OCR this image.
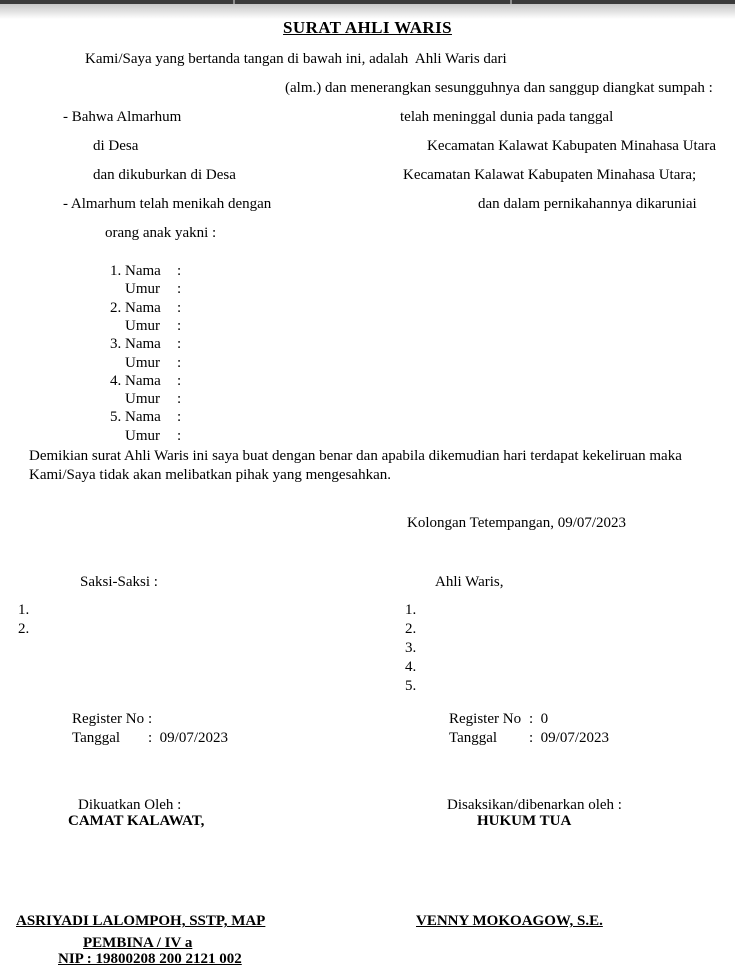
SURAT AHLI WARIS
Kami/Saya yang bertanda tangan di bawah ini, adalah  Ahli Waris dari
(alm.) dan menerangkan sesungguhnya dan sanggup diangkat sumpah :
- Bahwa Almarhum	telah meninggal dunia pada tanggal
di Desa	Kecamatan Kalawat Kabupaten Minahasa Utara
dan dikuburkan di Desa	Kecamatan Kalawat Kabupaten Minahasa Utara;
- Almarhum telah menikah dengan	dan dalam pernikahannya dikaruniai
orang anak yakni :

1. Nama :

Umur :

2. Nama :

Umur :

3. Nama :

Umur :

4. Nama :

Umur :

5. Nama :

Umur :

Demikian surat Ahli Waris ini saya buat dengan benar dan apabila dikemudian hari terdapat kekeliruan maka Kami/Saya tidak akan melibatkan pihak yang mengesahkan.
Kolongan Tetempangan, 09/07/2023
Saksi-Saksi :	Ahli Waris,
1.
2.
1.
2.
3.
4.
5.
Register No :
Tanggal : 09/07/2023
Register No : 0
Tanggal : 09/07/2023
Dikuatkan Oleh :
CAMAT KALAWAT,
Disaksikan/dibenarkan oleh :
HUKUM TUA
ASRIYADI LALOMPOH, SSTP, MAP
PEMBINA / IV a
NIP : 19800208 200 2121 002
VENNY MOKOAGOW, S.E.
